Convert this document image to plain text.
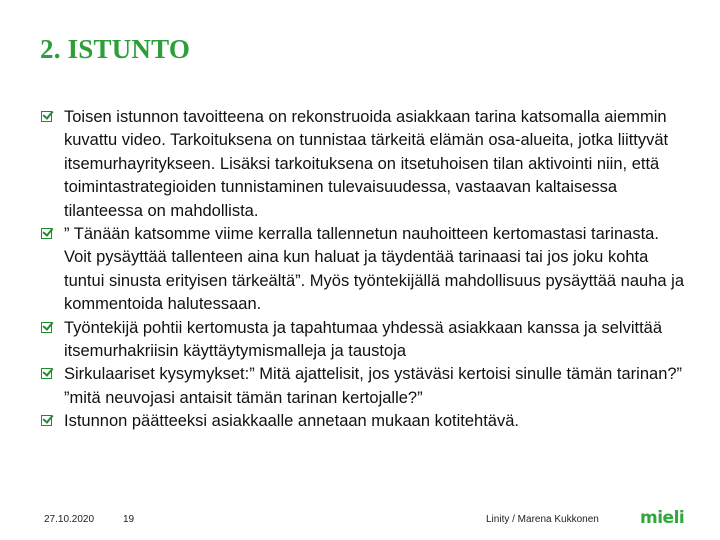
2. ISTUNTO
Toisen istunnon tavoitteena on rekonstruoida asiakkaan tarina katsomalla aiemmin kuvattu video. Tarkoituksena on tunnistaa tärkeitä elämän osa-alueita, jotka liittyvät itsemurhayritykseen. Lisäksi tarkoituksena on itsetuhoisen tilan aktivointi niin, että toimintastrategioiden tunnistaminen tulevaisuudessa, vastaavan kaltaisessa tilanteessa on mahdollista.
” Tänään katsomme viime kerralla tallennetun nauhoitteen kertomastasi tarinasta. Voit pysäyttää tallenteen aina kun haluat ja täydentää tarinaasi tai jos joku kohta tuntui sinusta erityisen tärkeältä”. Myös työntekijällä mahdollisuus pysäyttää nauha ja kommentoida halutessaan.
Työntekijä pohtii kertomusta ja tapahtumaa yhdessä asiakkaan kanssa ja selvittää itsemurhakriisin käyttäytymismalleja ja taustoja
Sirkulaariset kysymykset:” Mitä ajattelisit, jos ystäväsi kertoisi sinulle tämän tarinan?” ”mitä neuvojasi antaisit tämän tarinan kertojalle?”
Istunnon päätteeksi asiakkaalle annetaan mukaan kotitehtävä.
27.10.2020	19	Linity / Marena Kukkonen mieli
